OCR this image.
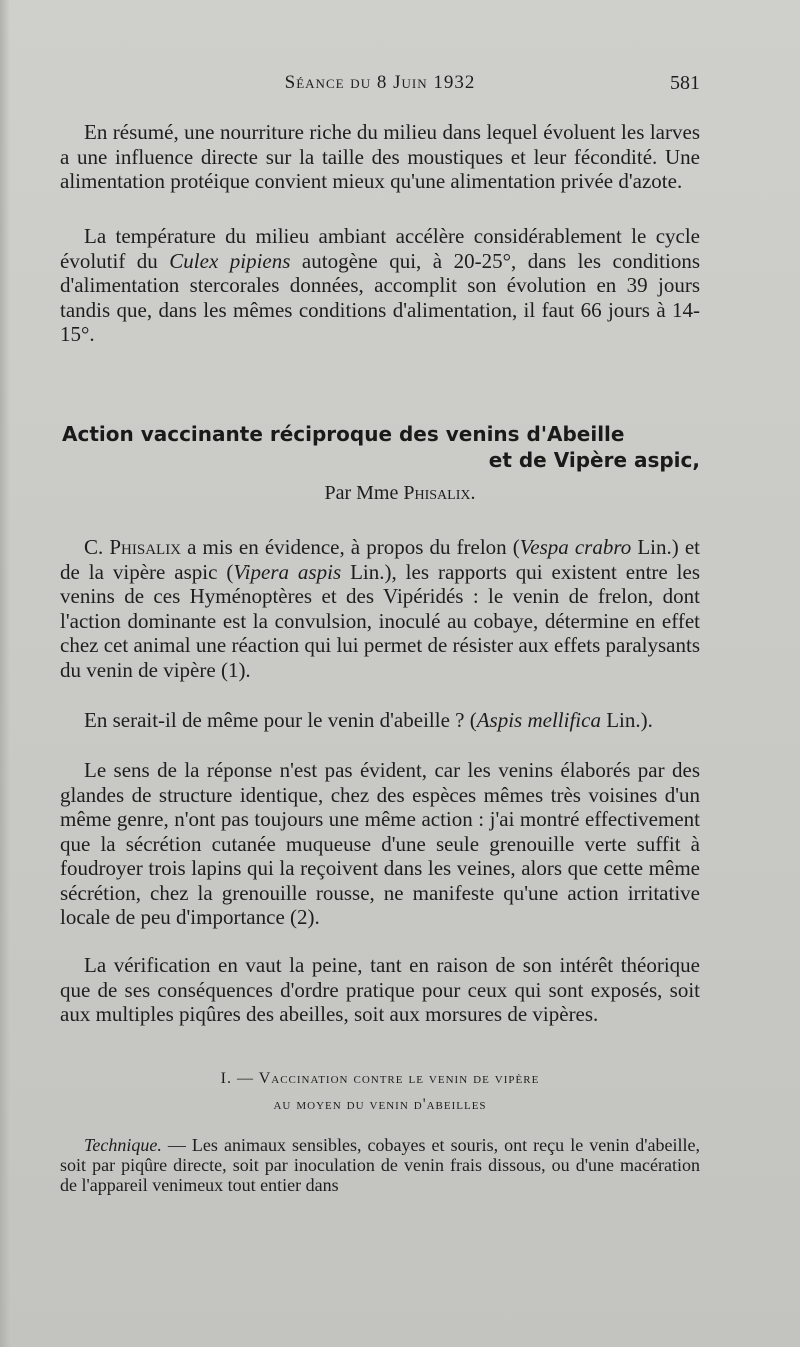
Séance du 8 Juin 1932	581

En résumé, une nourriture riche du milieu dans lequel évoluent les larves a une influence directe sur la taille des moustiques et leur fécondité. Une alimentation protéique convient mieux qu'une alimentation privée d'azote.

La température du milieu ambiant accélère considérablement le cycle évolutif du Culex pipiens autogène qui, à 20-25°, dans les conditions d'alimentation stercorales données, accomplit son évolution en 39 jours tandis que, dans les mêmes conditions d'alimentation, il faut 66 jours à 14-15°.

Action vaccinante réciproque des venins d'Abeille
et de Vipère aspic,
Par Mme Phisalix.

C. Phisalix a mis en évidence, à propos du frelon (Vespa crabro Lin.) et de la vipère aspic (Vipera aspis Lin.), les rapports qui existent entre les venins de ces Hyménoptères et des Vipéridés : le venin de frelon, dont l'action dominante est la convulsion, inoculé au cobaye, détermine en effet chez cet animal une réaction qui lui permet de résister aux effets paralysants du venin de vipère (1).

En serait-il de même pour le venin d'abeille ? (Aspis mellifica Lin.).

Le sens de la réponse n'est pas évident, car les venins élaborés par des glandes de structure identique, chez des espèces mêmes très voisines d'un même genre, n'ont pas toujours une même action : j'ai montré effectivement que la sécrétion cutanée muqueuse d'une seule grenouille verte suffit à foudroyer trois lapins qui la reçoivent dans les veines, alors que cette même sécrétion, chez la grenouille rousse, ne manifeste qu'une action irritative locale de peu d'importance (2).

La vérification en vaut la peine, tant en raison de son intérêt théorique que de ses conséquences d'ordre pratique pour ceux qui sont exposés, soit aux multiples piqûres des abeilles, soit aux morsures de vipères.

I. — Vaccination contre le venin de vipère
au moyen du venin d'abeilles

Technique. — Les animaux sensibles, cobayes et souris, ont reçu le venin d'abeille, soit par piqûre directe, soit par inoculation de venin frais dissous, ou d'une macération de l'appareil venimeux tout entier dans
